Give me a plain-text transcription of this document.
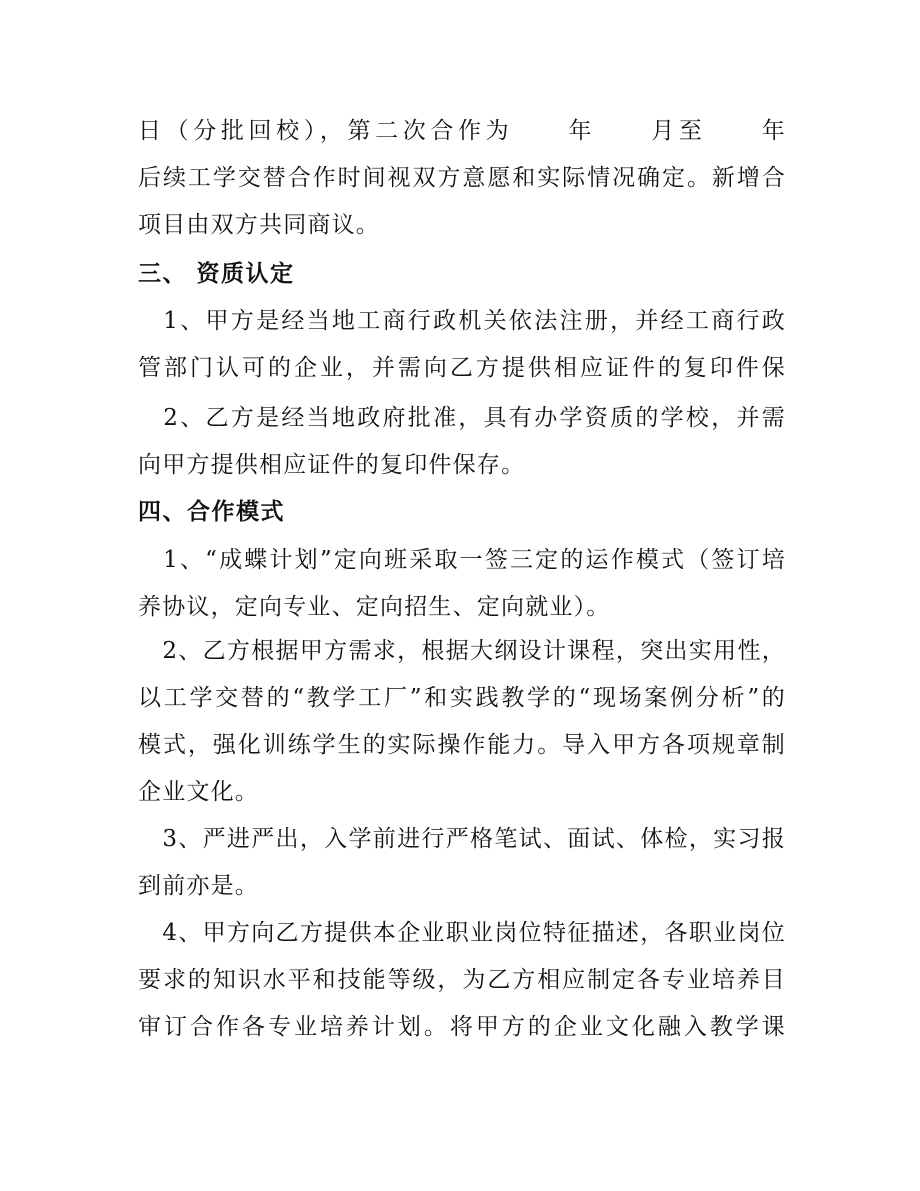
日（分批回校），第二次合作为　　年　　月至　　年　　
后续工学交替合作时间视双方意愿和实际情况确定。新增合
项目由双方共同商议。
三、 资质认定
　1、甲方是经当地工商行政机关依法注册，并经工商行政
管部门认可的企业，并需向乙方提供相应证件的复印件保
　2、乙方是经当地政府批准，具有办学资质的学校，并需
向甲方提供相应证件的复印件保存。
四、合作模式
　1、“成蝶计划”定向班采取一签三定的运作模式（签订培
养协议，定向专业、定向招生、定向就业）。
　2、乙方根据甲方需求，根据大纲设计课程，突出实用性，
以工学交替的“教学工厂”和实践教学的“现场案例分析”的
模式，强化训练学生的实际操作能力。导入甲方各项规章制
企业文化。
　3、严进严出，入学前进行严格笔试、面试、体检，实习报
到前亦是。
　4、甲方向乙方提供本企业职业岗位特征描述，各职业岗位
要求的知识水平和技能等级，为乙方相应制定各专业培养目
审订合作各专业培养计划。将甲方的企业文化融入教学课
